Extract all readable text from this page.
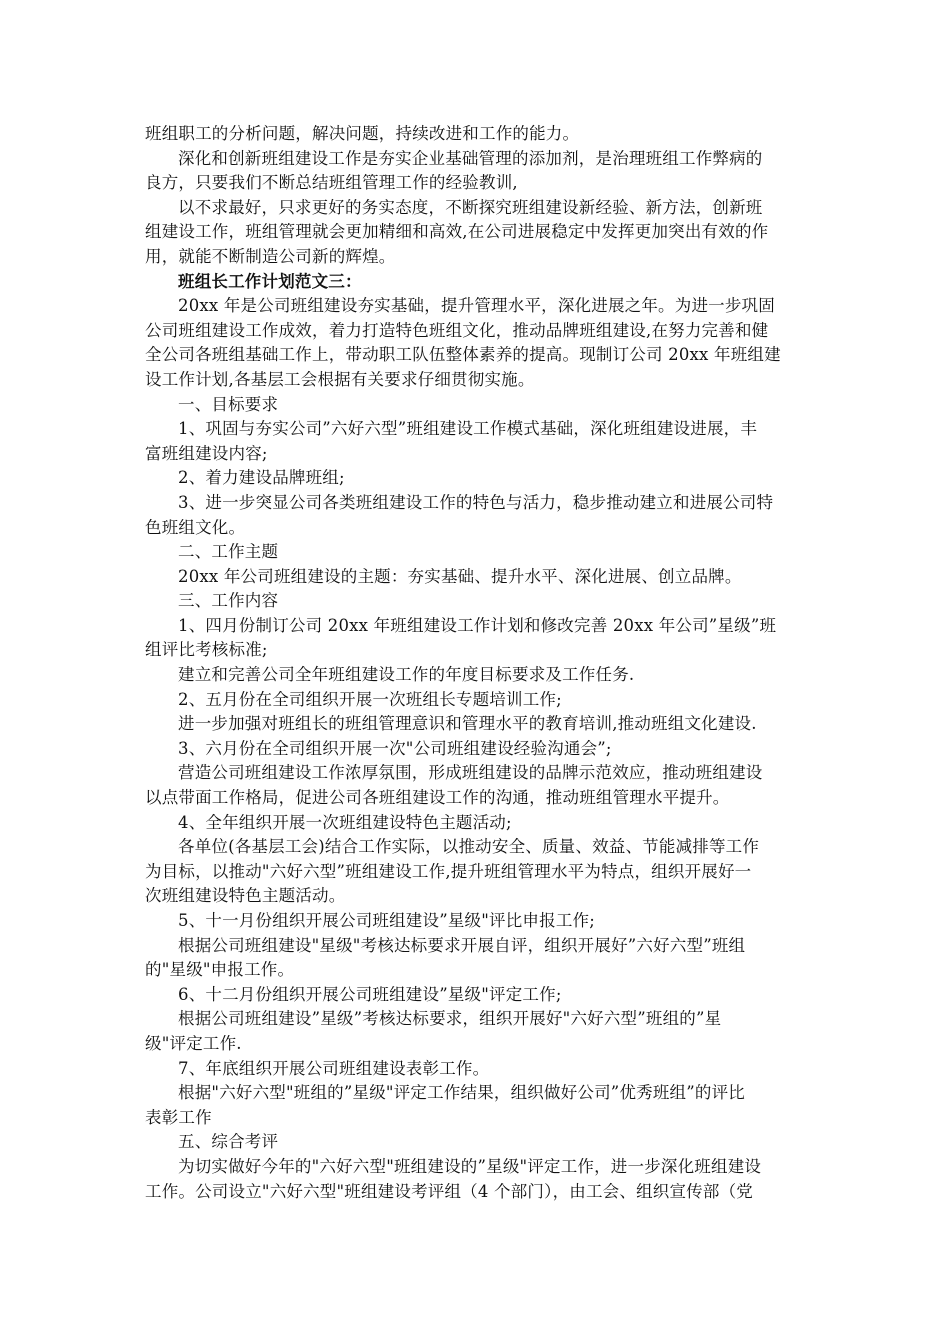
班组职工的分析问题，解决问题，持续改进和工作的能力。
深化和创新班组建设工作是夯实企业基础管理的添加剂，是治理班组工作弊病的
良方，只要我们不断总结班组管理工作的经验教训,
以不求最好，只求更好的务实态度，不断探究班组建设新经验、新方法，创新班
组建设工作，班组管理就会更加精细和高效,在公司进展稳定中发挥更加突出有效的作
用，就能不断制造公司新的辉煌。
班组长工作计划范文三：
20xx 年是公司班组建设夯实基础，提升管理水平，深化进展之年。为进一步巩固
公司班组建设工作成效，着力打造特色班组文化，推动品牌班组建设,在努力完善和健
全公司各班组基础工作上，带动职工队伍整体素养的提高。现制订公司 20xx 年班组建
设工作计划,各基层工会根据有关要求仔细贯彻实施。
一、目标要求
1、巩固与夯实公司”六好六型”班组建设工作模式基础，深化班组建设进展，丰
富班组建设内容;
2、着力建设品牌班组;
3、进一步突显公司各类班组建设工作的特色与活力，稳步推动建立和进展公司特
色班组文化。
二、工作主题
20xx 年公司班组建设的主题：夯实基础、提升水平、深化进展、创立品牌。
三、工作内容
1、四月份制订公司 20xx 年班组建设工作计划和修改完善 20xx 年公司”星级”班
组评比考核标准;
建立和完善公司全年班组建设工作的年度目标要求及工作任务.
2、五月份在全司组织开展一次班组长专题培训工作;
进一步加强对班组长的班组管理意识和管理水平的教育培训,推动班组文化建设.
3、六月份在全司组织开展一次"公司班组建设经验沟通会”;
营造公司班组建设工作浓厚氛围，形成班组建设的品牌示范效应，推动班组建设
以点带面工作格局，促进公司各班组建设工作的沟通，推动班组管理水平提升。
4、全年组织开展一次班组建设特色主题活动;
各单位(各基层工会)结合工作实际，以推动安全、质量、效益、节能减排等工作
为目标，以推动"六好六型”班组建设工作,提升班组管理水平为特点，组织开展好一
次班组建设特色主题活动。
5、十一月份组织开展公司班组建设”星级"评比申报工作;
根据公司班组建设"星级"考核达标要求开展自评，组织开展好”六好六型”班组
的"星级"申报工作。
6、十二月份组织开展公司班组建设”星级"评定工作;
根据公司班组建设”星级”考核达标要求，组织开展好"六好六型”班组的”星
级"评定工作.
7、年底组织开展公司班组建设表彰工作。
根据"六好六型"班组的”星级"评定工作结果，组织做好公司”优秀班组”的评比
表彰工作
五、综合考评
为切实做好今年的"六好六型"班组建设的”星级"评定工作，进一步深化班组建设
工作。公司设立"六好六型"班组建设考评组（4 个部门），由工会、组织宣传部（党
